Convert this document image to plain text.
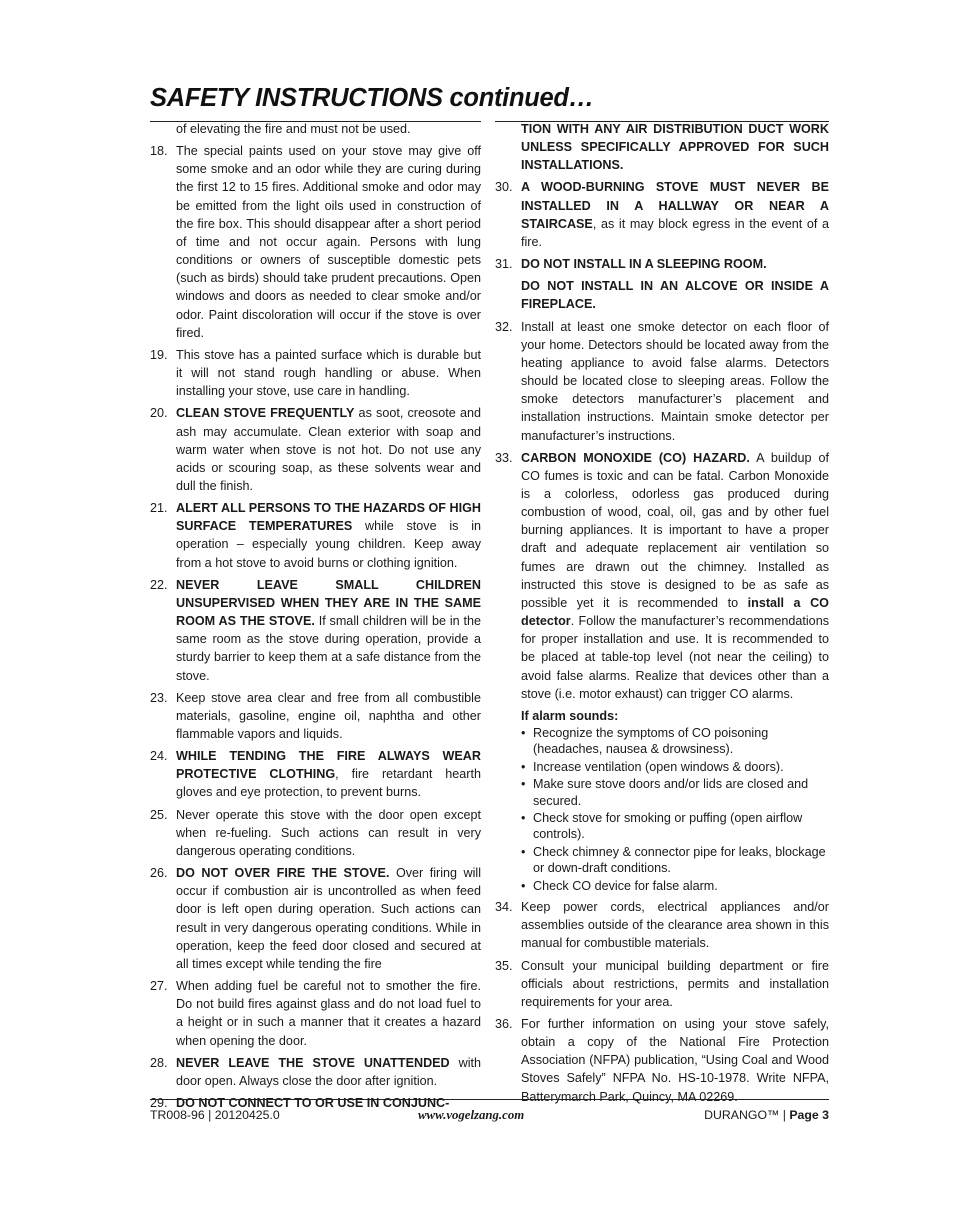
SAFETY INSTRUCTIONS continued…
of elevating the fire and must not be used.
18. The special paints used on your stove may give off some smoke and an odor while they are curing during the first 12 to 15 fires. Additional smoke and odor may be emitted from the light oils used in construction of the fire box. This should disappear after a short period of time and not occur again. Persons with lung conditions or owners of susceptible domestic pets (such as birds) should take prudent precautions. Open windows and doors as needed to clear smoke and/or odor. Paint discoloration will occur if the stove is over fired.
19. This stove has a painted surface which is durable but it will not stand rough handling or abuse. When installing your stove, use care in handling.
20. CLEAN STOVE FREQUENTLY as soot, creosote and ash may accumulate. Clean exterior with soap and warm water when stove is not hot. Do not use any acids or scouring soap, as these solvents wear and dull the finish.
21. ALERT ALL PERSONS TO THE HAZARDS OF HIGH SURFACE TEMPERATURES while stove is in operation – especially young children. Keep away from a hot stove to avoid burns or clothing ignition.
22. NEVER LEAVE SMALL CHILDREN UNSUPERVISED WHEN THEY ARE IN THE SAME ROOM AS THE STOVE. If small children will be in the same room as the stove during operation, provide a sturdy barrier to keep them at a safe distance from the stove.
23. Keep stove area clear and free from all combustible materials, gasoline, engine oil, naphtha and other flammable vapors and liquids.
24. WHILE TENDING THE FIRE ALWAYS WEAR PROTECTIVE CLOTHING, fire retardant hearth gloves and eye protection, to prevent burns.
25. Never operate this stove with the door open except when re-fueling. Such actions can result in very dangerous operating conditions.
26. DO NOT OVER FIRE THE STOVE. Over firing will occur if combustion air is uncontrolled as when feed door is left open during operation. Such actions can result in very dangerous operating conditions. While in operation, keep the feed door closed and secured at all times except while tending the fire
27. When adding fuel be careful not to smother the fire. Do not build fires against glass and do not load fuel to a height or in such a manner that it creates a hazard when opening the door.
28. NEVER LEAVE THE STOVE UNATTENDED with door open. Always close the door after ignition.
29. DO NOT CONNECT TO OR USE IN CONJUNC-
TION WITH ANY AIR DISTRIBUTION DUCT WORK UNLESS SPECIFICALLY APPROVED FOR SUCH INSTALLATIONS.
30. A WOOD-BURNING STOVE MUST NEVER BE INSTALLED IN A HALLWAY OR NEAR A STAIRCASE, as it may block egress in the event of a fire.
31. DO NOT INSTALL IN A SLEEPING ROOM.
DO NOT INSTALL IN AN ALCOVE OR INSIDE A FIREPLACE.
32. Install at least one smoke detector on each floor of your home. Detectors should be located away from the heating appliance to avoid false alarms. Detectors should be located close to sleeping areas. Follow the smoke detectors manufacturer’s placement and installation instructions. Maintain smoke detector per manufacturer’s instructions.
33. CARBON MONOXIDE (CO) HAZARD. A buildup of CO fumes is toxic and can be fatal. Carbon Monoxide is a colorless, odorless gas produced during combustion of wood, coal, oil, gas and by other fuel burning appliances. It is important to have a proper draft and adequate replacement air ventilation so fumes are drawn out the chimney. Installed as instructed this stove is designed to be as safe as possible yet it is recommended to install a CO detector. Follow the manufacturer’s recommendations for proper installation and use. It is recommended to be placed at table-top level (not near the ceiling) to avoid false alarms. Realize that devices other than a stove (i.e. motor exhaust) can trigger CO alarms.
If alarm sounds:
• Recognize the symptoms of CO poisoning (headaches, nausea & drowsiness).
• Increase ventilation (open windows & doors).
• Make sure stove doors and/or lids are closed and secured.
• Check stove for smoking or puffing (open airflow controls).
• Check chimney & connector pipe for leaks, blockage or down-draft conditions.
• Check CO device for false alarm.
34. Keep power cords, electrical appliances and/or assemblies outside of the clearance area shown in this manual for combustible materials.
35. Consult your municipal building department or fire officials about restrictions, permits and installation requirements for your area.
36. For further information on using your stove safely, obtain a copy of the National Fire Protection Association (NFPA) publication, “Using Coal and Wood Stoves Safely” NFPA No. HS-10-1978. Write NFPA, Batterymarch Park, Quincy, MA 02269.
TR008-96 | 20120425.0	www.vogelzang.com	DURANGO™ | Page 3
